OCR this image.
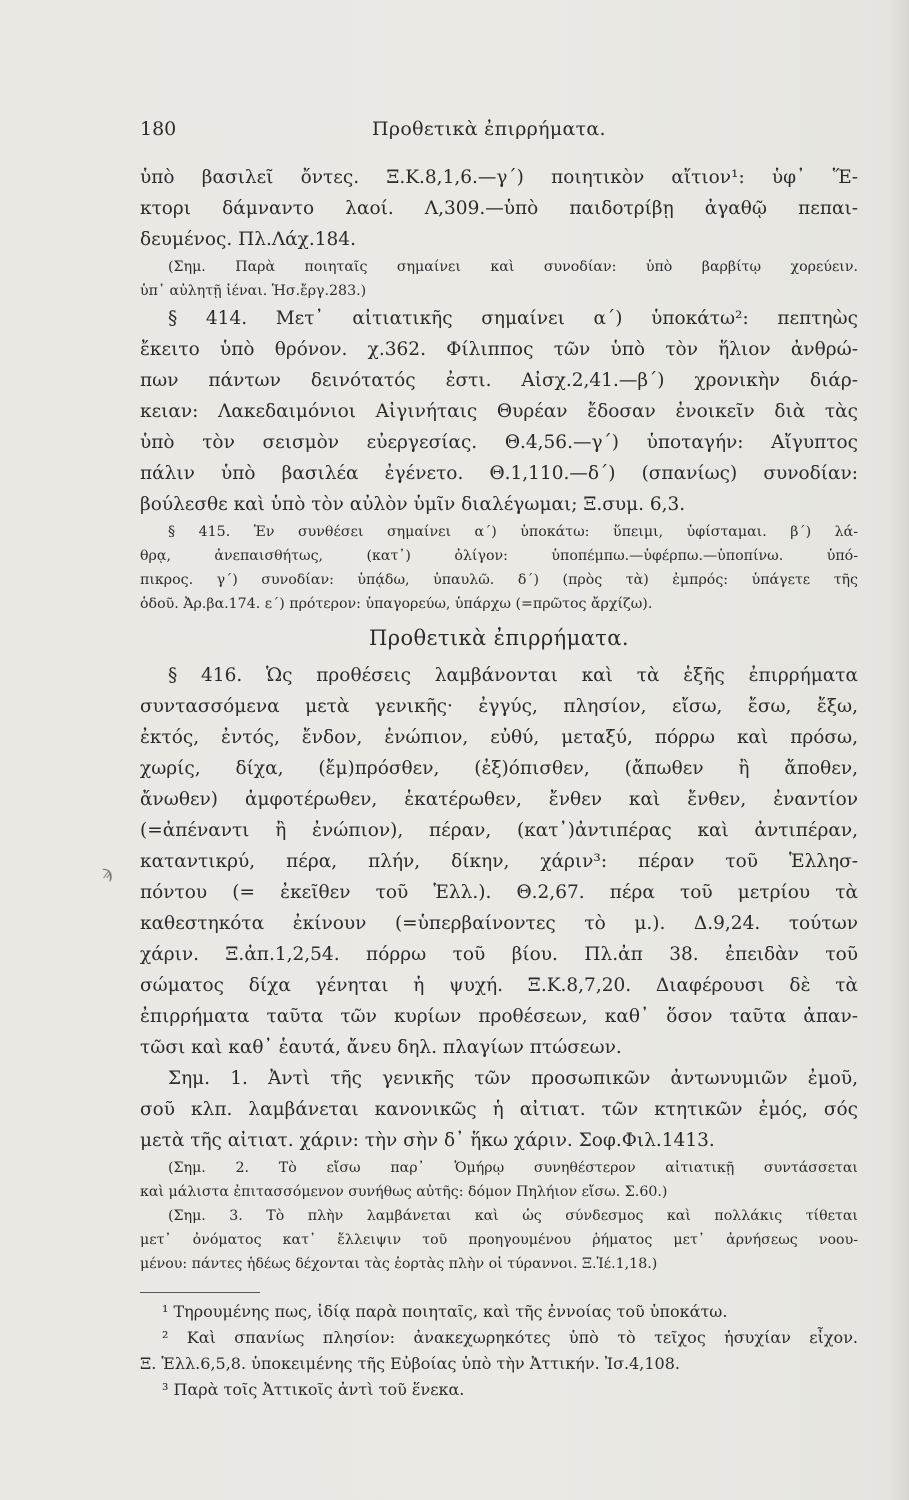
180	Προθετικὰ ἐπιρρήματα.
ϡ
ὑπὸ βασιλεῖ ὄντες. Ξ.Κ.8,1,6.—γ΄) ποιητικὸν αἴτιον¹: ὑφ᾽ Ἕ-
κτορι δάμναντο λαοί. Λ,309.—ὑπὸ παιδοτρίβῃ ἀγαθῷ πεπαι-
δευμένος. Πλ.Λάχ.184.
(Σημ. Παρὰ ποιηταῖς σημαίνει καὶ συνοδίαν: ὑπὸ βαρβίτῳ χορεύειν.
ὑπ᾽ αὐλητῇ ἰέναι. Ἡσ.ἔργ.283.)
§ 414. Μετ᾽ αἰτιατικῆς σημαίνει α΄) ὑποκάτω²: πεπτηὼς
ἔκειτο ὑπὸ θρόνον. χ.362. Φίλιππος τῶν ὑπὸ τὸν ἥλιον ἀνθρώ-
πων πάντων δεινότατός ἐστι. Αἰσχ.2,41.—β΄) χρονικὴν διάρ-
κειαν: Λακεδαιμόνιοι Αἰγινήταις Θυρέαν ἔδοσαν ἐνοικεῖν διὰ τὰς
ὑπὸ τὸν σεισμὸν εὐεργεσίας. Θ.4,56.—γ΄) ὑποταγήν: Αἴγυπτος
πάλιν ὑπὸ βασιλέα ἐγένετο. Θ.1,110.—δ΄) (σπανίως) συνοδίαν:
βούλεσθε καὶ ὑπὸ τὸν αὐλὸν ὑμῖν διαλέγωμαι; Ξ.συμ. 6,3.
§ 415. Ἐν συνθέσει σημαίνει α΄) ὑποκάτω: ὕπειμι, ὑφίσταμαι. β΄) λά-
θρᾳ, ἀνεπαισθήτως, (κατ᾽) ὀλίγον: ὑποπέμπω.—ὑφέρπω.—ὑποπίνω. ὑπό-
πικρος. γ΄) συνοδίαν: ὑπᾴδω, ὑπαυλῶ. δ΄) (πρὸς τὰ) ἐμπρός: ὑπάγετε τῆς
ὁδοῦ. Ἀρ.βα.174. ε΄) πρότερον: ὑπαγορεύω, ὑπάρχω (=πρῶτος ἄρχίζω).
Προθετικὰ ἐπιρρήματα.
§ 416. Ὡς προθέσεις λαμβάνονται καὶ τὰ ἑξῆς ἐπιρρήματα
συντασσόμενα μετὰ γενικῆς· ἐγγύς, πλησίον, εἴσω, ἔσω, ἔξω,
ἐκτός, ἐντός, ἔνδον, ἐνώπιον, εὐθύ, μεταξύ, πόρρω καὶ πρόσω,
χωρίς, δίχα, (ἔμ)πρόσθεν, (ἐξ)όπισθεν, (ἄπωθεν ἢ ἄποθεν,
ἄνωθεν) ἀμφοτέρωθεν, ἑκατέρωθεν, ἔνθεν καὶ ἔνθεν, ἐναντίον
(=ἀπέναντι ἢ ἐνώπιον), πέραν, (κατ᾽)ἀντιπέρας καὶ ἀντιπέραν,
καταντικρύ, πέρα, πλήν, δίκην, χάριν³: πέραν τοῦ Ἑλλησ-
πόντου (= ἐκεῖθεν τοῦ Ἑλλ.). Θ.2,67. πέρα τοῦ μετρίου τὰ
καθεστηκότα ἐκίνουν (=ὑπερβαίνοντες τὸ μ.). Δ.9,24. τούτων
χάριν. Ξ.ἀπ.1,2,54. πόρρω τοῦ βίου. Πλ.ἀπ 38. ἐπειδὰν τοῦ
σώματος δίχα γένηται ἡ ψυχή. Ξ.Κ.8,7,20. Διαφέρουσι δὲ τὰ
ἐπιρρήματα ταῦτα τῶν κυρίων προθέσεων, καθ᾽ ὅσον ταῦτα ἀπαν-
τῶσι καὶ καθ᾽ ἑαυτά, ἄνευ δηλ. πλαγίων πτώσεων.
Σημ. 1. Ἀντὶ τῆς γενικῆς τῶν προσωπικῶν ἀντωνυμιῶν ἐμοῦ,
σοῦ κλπ. λαμβάνεται κανονικῶς ἡ αἰτιατ. τῶν κτητικῶν ἐμός, σός
μετὰ τῆς αἰτιατ. χάριν: τὴν σὴν δ᾽ ἥκω χάριν. Σοφ.Φιλ.1413.
(Σημ. 2. Τὸ εἴσω παρ᾽ Ὁμήρῳ συνηθέστερον αἰτιατικῇ συντάσσεται
καὶ μάλιστα ἐπιτασσόμενον συνήθως αὐτῆς: δόμον Πηλήιον εἴσω. Σ.60.)
(Σημ. 3. Τὸ πλὴν λαμβάνεται καὶ ὡς σύνδεσμος καὶ πολλάκις τίθεται
μετ᾽ ὀνόματος κατ᾽ ἔλλειψιν τοῦ προηγουμένου ῥήματος μετ᾽ ἀρνήσεως νοου-
μένου: πάντες ἡδέως δέχονται τὰς ἑορτὰς πλὴν οἱ τύραννοι. Ξ.Ἱέ.1,18.)
¹ Τηρουμένης πως, ἰδίᾳ παρὰ ποιηταῖς, καὶ τῆς ἐννοίας τοῦ ὑποκάτω.
² Καὶ σπανίως πλησίον: ἀνακεχωρηκότες ὑπὸ τὸ τεῖχος ἡσυχίαν εἶχον.
Ξ. Ἑλλ.6,5,8. ὑποκειμένης τῆς Εὐβοίας ὑπὸ τὴν Ἀττικήν. Ἰσ.4,108.
³ Παρὰ τοῖς Ἀττικοῖς ἀντὶ τοῦ ἕνεκα.
